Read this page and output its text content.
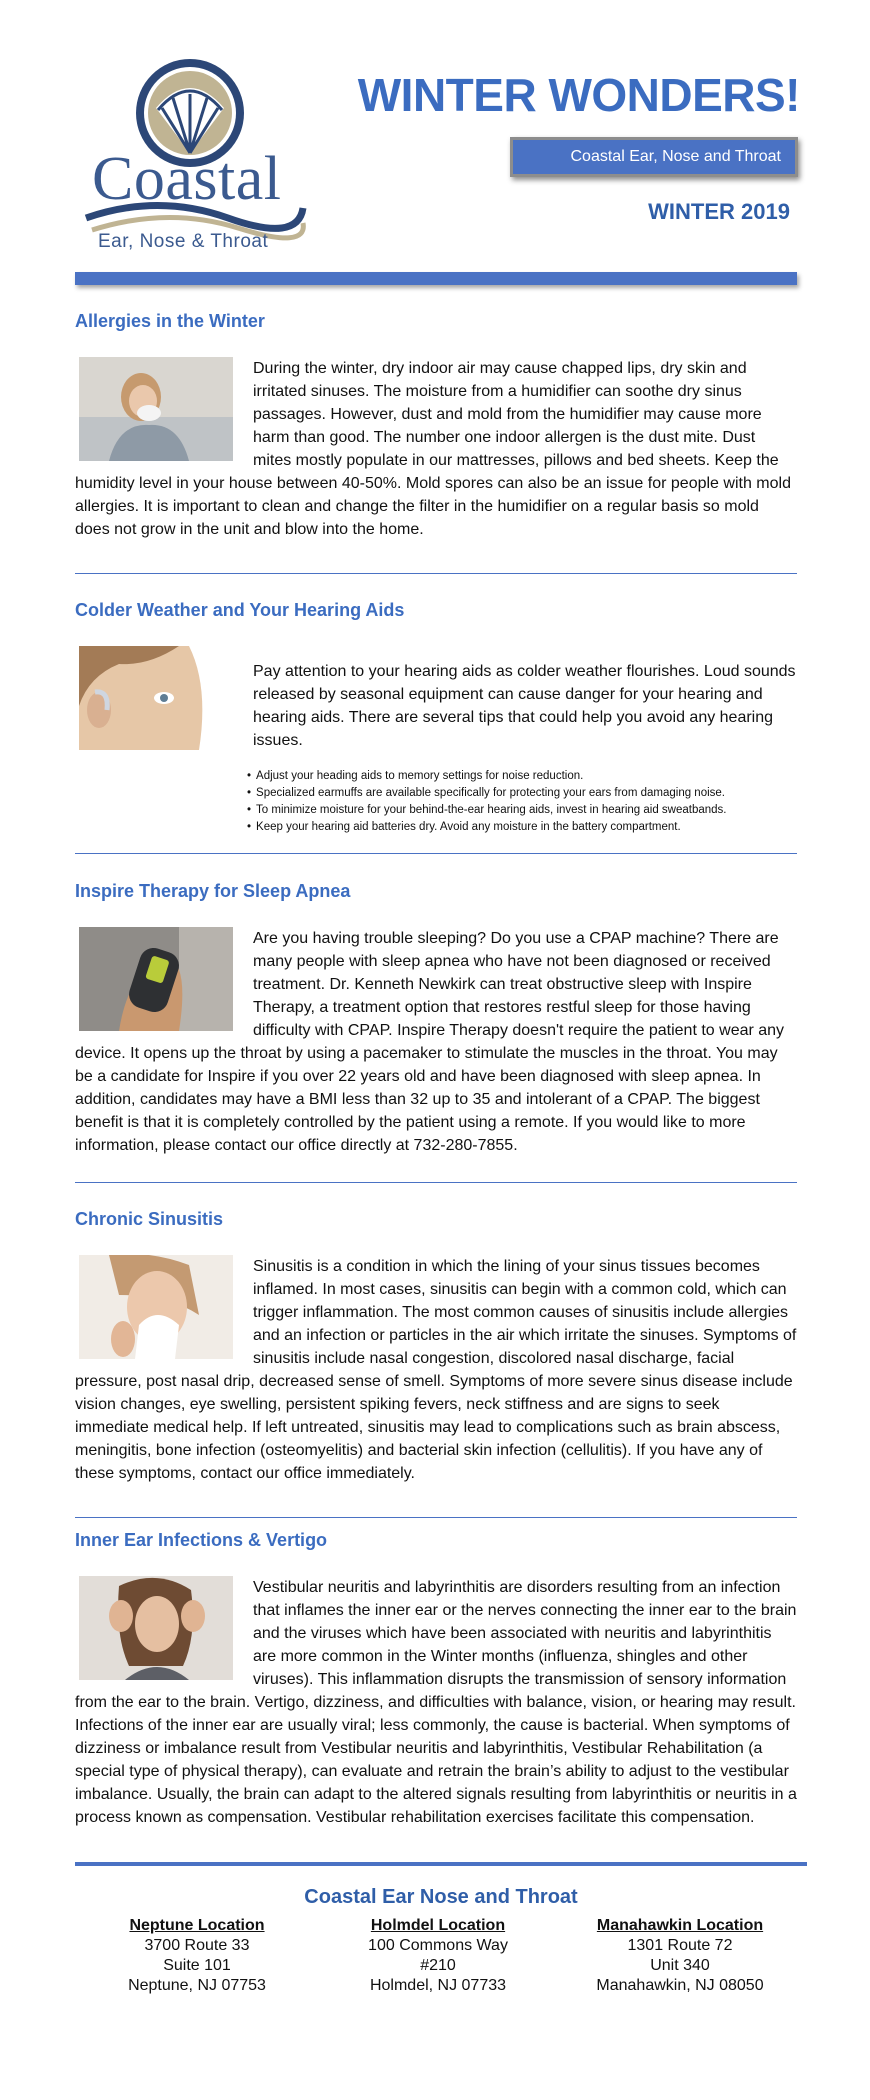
Coastal
Ear, Nose & Throat
WINTER WONDERS!
Coastal Ear, Nose and Throat
WINTER 2019
Allergies in the Winter
During the winter, dry indoor air may cause chapped lips, dry skin and irritated sinuses. The moisture from a humidifier can soothe dry sinus passages. However, dust and mold from the humidifier may cause more harm than good. The number one indoor allergen is the dust mite. Dust mites mostly populate in our mattresses, pillows and bed sheets. Keep the humidity level in your house between 40-50%. Mold spores can also be an issue for people with mold allergies. It is important to clean and change the filter in the humidifier on a regular basis so mold does not grow in the unit and blow into the home.
Colder Weather and Your Hearing Aids
Pay attention to your hearing aids as colder weather flourishes. Loud sounds released by seasonal equipment can cause danger for your hearing and hearing aids. There are several tips that could help you avoid any hearing issues.
• Adjust your heading aids to memory settings for noise reduction.
• Specialized earmuffs are available specifically for protecting your ears from damaging noise.
• To minimize moisture for your behind-the-ear hearing aids, invest in hearing aid sweatbands.
• Keep your hearing aid batteries dry. Avoid any moisture in the battery compartment.
Inspire Therapy for Sleep Apnea
Are you having trouble sleeping? Do you use a CPAP machine? There are many people with sleep apnea who have not been diagnosed or received treatment. Dr. Kenneth Newkirk can treat obstructive sleep with Inspire Therapy, a treatment option that restores restful sleep for those having difficulty with CPAP. Inspire Therapy doesn't require the patient to wear any device. It opens up the throat by using a pacemaker to stimulate the muscles in the throat. You may be a candidate for Inspire if you over 22 years old and have been diagnosed with sleep apnea. In addition, candidates may have a BMI less than 32 up to 35 and intolerant of a CPAP. The biggest benefit is that it is completely controlled by the patient using a remote. If you would like to more information, please contact our office directly at 732-280-7855.
Chronic Sinusitis
Sinusitis is a condition in which the lining of your sinus tissues becomes inflamed. In most cases, sinusitis can begin with a common cold, which can trigger inflammation. The most common causes of sinusitis include allergies and an infection or particles in the air which irritate the sinuses. Symptoms of sinusitis include nasal congestion, discolored nasal discharge, facial pressure, post nasal drip, decreased sense of smell. Symptoms of more severe sinus disease include vision changes, eye swelling, persistent spiking fevers, neck stiffness and are signs to seek immediate medical help. If left untreated, sinusitis may lead to complications such as brain abscess, meningitis, bone infection (osteomyelitis) and bacterial skin infection (cellulitis). If you have any of these symptoms, contact our office immediately.
Inner Ear Infections & Vertigo
Vestibular neuritis and labyrinthitis are disorders resulting from an infection that inflames the inner ear or the nerves connecting the inner ear to the brain and the viruses which have been associated with neuritis and labyrinthitis are more common in the Winter months (influenza, shingles and other viruses). This inflammation disrupts the transmission of sensory information from the ear to the brain. Vertigo, dizziness, and difficulties with balance, vision, or hearing may result. Infections of the inner ear are usually viral; less commonly, the cause is bacterial. When symptoms of dizziness or imbalance result from Vestibular neuritis and labyrinthitis, Vestibular Rehabilitation (a special type of physical therapy), can evaluate and retrain the brain’s ability to adjust to the vestibular imbalance. Usually, the brain can adapt to the altered signals resulting from labyrinthitis or neuritis in a process known as compensation. Vestibular rehabilitation exercises facilitate this compensation.
Coastal Ear Nose and Throat
Neptune Location
3700 Route 33
Suite 101
Neptune, NJ 07753
Holmdel Location
100 Commons Way
#210
Holmdel, NJ 07733
Manahawkin Location
1301 Route 72
Unit 340
Manahawkin, NJ 08050
